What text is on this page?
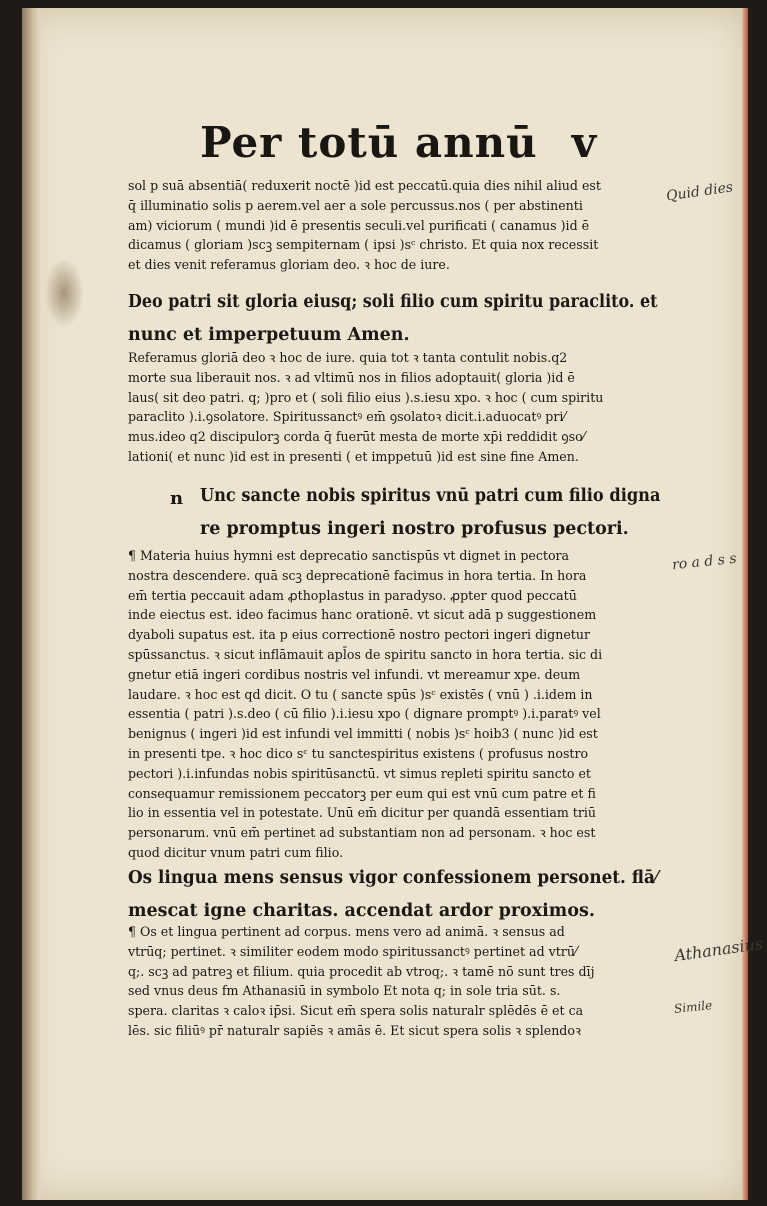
Per totū annū v
sol p suā absentiā( reduxerit noctē )id est peccatū.quia dies nihil aliud est
q̄ illuminatio solis p aerem.vel aer a sole percussus.nos ( per abstinenti
am) viciorum ( mundi )id ē presentis seculi.vel purificati ( canamus )id ē
dicamus ( gloriam )scꝫ sempiternam ( ipsi )sᶜ christo. Et quia nox recessit
et dies venit referamus gloriam deo. ꝛ hoc de iure.
Deo patri sit gloria eiusq; soli filio cum spiritu paraclito. et
nunc et imperpetuum Amen.
Referamus gloriā deo ꝛ hoc de iure. quia tot ꝛ tanta contulit nobis.q2
morte sua liberauit nos. ꝛ ad vltimū nos in filios adoptauit( gloria )id ē
laus( sit deo patri. q; )pro et ( soli filio eius ).s.iesu xpo. ꝛ hoc ( cum spiritu
paraclito ).i.ꝯsolatore. Spiritussanctꝰ em̄ ꝯsolatoꝛ dicit.i.aduocatꝰ pri⁄
mus.ideo q2 discipulorꝫ corda q̄ fuerūt mesta de morte xp̄i reddidit ꝯso⁄
lationi( et nunc )id est in presenti ( et imppetuū )id est sine fine Amen.
n Unc sancte nobis spiritus vnū patri cum filio digna
re promptus ingeri nostro profusus pectori.
¶ Materia huius hymni est deprecatio sanctispūs vt dignet in pectora
nostra descendere. quā scꝫ deprecationē facimus in hora tertia. In hora
em̄ tertia peccauit adam ꝓthoplastus in paradyso. ꝓpter quod peccatū
inde eiectus est. ideo facimus hanc orationē. vt sicut adā p suggestionem
dyaboli supatus est. ita p eius correctionē nostro pectori ingeri dignetur
spūssanctus. ꝛ sicut inflāmauit apl̄os de spiritu sancto in hora tertia. sic di
gnetur etiā ingeri cordibus nostris vel infundi. vt mereamur xpe. deum
laudare. ꝛ hoc est qd dicit. O tu ( sancte spūs )sᶜ existēs ( vnū ) .i.idem in
essentia ( patri ).s.deo ( cū filio ).i.iesu xpo ( dignare promptꝰ ).i.paratꝰ vel
benignus ( ingeri )id est infundi vel immitti ( nobis )sᶜ hoib3 ( nunc )id est
in presenti tpe. ꝛ hoc dico sᶜ tu sanctespiritus existens ( profusus nostro
pectori ).i.infundas nobis spiritūsanctū. vt simus repleti spiritu sancto et
consequamur remissionem peccatorꝫ per eum qui est vnū cum patre et fi
lio in essentia vel in potestate. Unū em̄ dicitur per quandā essentiam triū
personarum. vnū em̄ pertinet ad substantiam non ad personam. ꝛ hoc est
quod dicitur vnum patri cum filio.
Os lingua mens sensus vigor confessionem personet. flā⁄
mescat igne charitas. accendat ardor proximos.
¶ Os et lingua pertinent ad corpus. mens vero ad animā. ꝛ sensus ad
vtrūq; pertinet. ꝛ similiter eodem modo spiritussanctꝰ pertinet ad vtrū⁄
q;. scꝫ ad patreꝫ et filium. quia procedit ab vtroq;. ꝛ tamē nō sunt tres dīj
sed vnus deus fm Athanasiū in symbolo Et nota q; in sole tria sūt. s.
spera. claritas ꝛ caloꝛ ip̄si. Sicut em̄ spera solis naturalr splēdēs ē et ca
lēs. sic filiūꝰ pr̄ naturalr sapiēs ꝛ amās ē. Et sicut spera solis ꝛ splendoꝛ
Quid dies
ro a d s s
Athanasius
Simile
